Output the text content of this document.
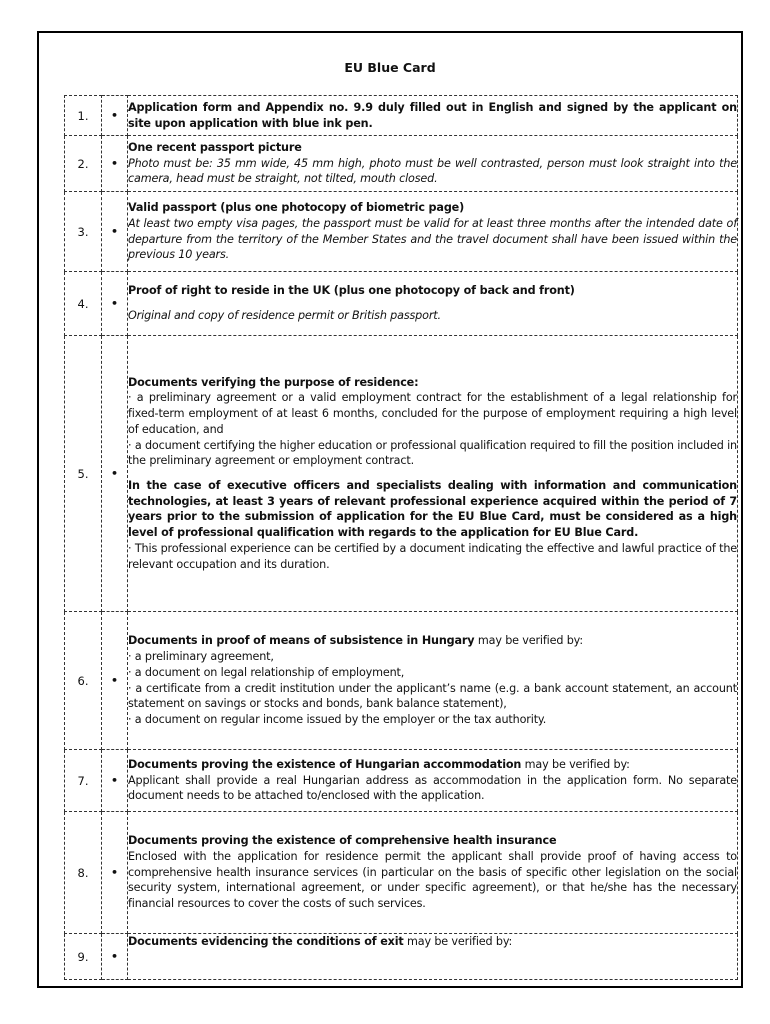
EU Blue Card
1.	•	Application form and Appendix no. 9.9 duly filled out in English and signed by the applicant on site upon application with blue ink pen.

2.	•	One recent passport picture
Photo must be: 35 mm wide, 45 mm high, photo must be well contrasted, person must look straight into the camera, head must be straight, not tilted, mouth closed.

3.	•	Valid passport (plus one photocopy of biometric page)
At least two empty visa pages, the passport must be valid for at least three months after the intended date of departure from the territory of the Member States and the travel document shall have been issued within the previous 10 years.

4.	•	Proof of right to reside in the UK (plus one photocopy of back and front)
Original and copy of residence permit or British passport.

5.	•	Documents verifying the purpose of residence:
· a preliminary agreement or a valid employment contract for the establishment of a legal relationship for fixed-term employment of at least 6 months, concluded for the purpose of employment requiring a high level of education, and
· a document certifying the higher education or professional qualification required to fill the position included in the preliminary agreement or employment contract.
In the case of executive officers and specialists dealing with information and communication technologies, at least 3 years of relevant professional experience acquired within the period of 7 years prior to the submission of application for the EU Blue Card, must be considered as a high level of professional qualification with regards to the application for EU Blue Card.
· This professional experience can be certified by a document indicating the effective and lawful practice of the relevant occupation and its duration.

6.	•	Documents in proof of means of subsistence in Hungary may be verified by:
· a preliminary agreement,
· a document on legal relationship of employment,
· a certificate from a credit institution under the applicant’s name (e.g. a bank account statement, an account statement on savings or stocks and bonds, bank balance statement),
· a document on regular income issued by the employer or the tax authority.

7.	•	Documents proving the existence of Hungarian accommodation may be verified by:
Applicant shall provide a real Hungarian address as accommodation in the application form. No separate document needs to be attached to/enclosed with the application.

8.	•	Documents proving the existence of comprehensive health insurance
Enclosed with the application for residence permit the applicant shall provide proof of having access to comprehensive health insurance services (in particular on the basis of specific other legislation on the social security system, international agreement, or under specific agreement), or that he/she has the necessary financial resources to cover the costs of such services.

9.	•	Documents evidencing the conditions of exit may be verified by:
